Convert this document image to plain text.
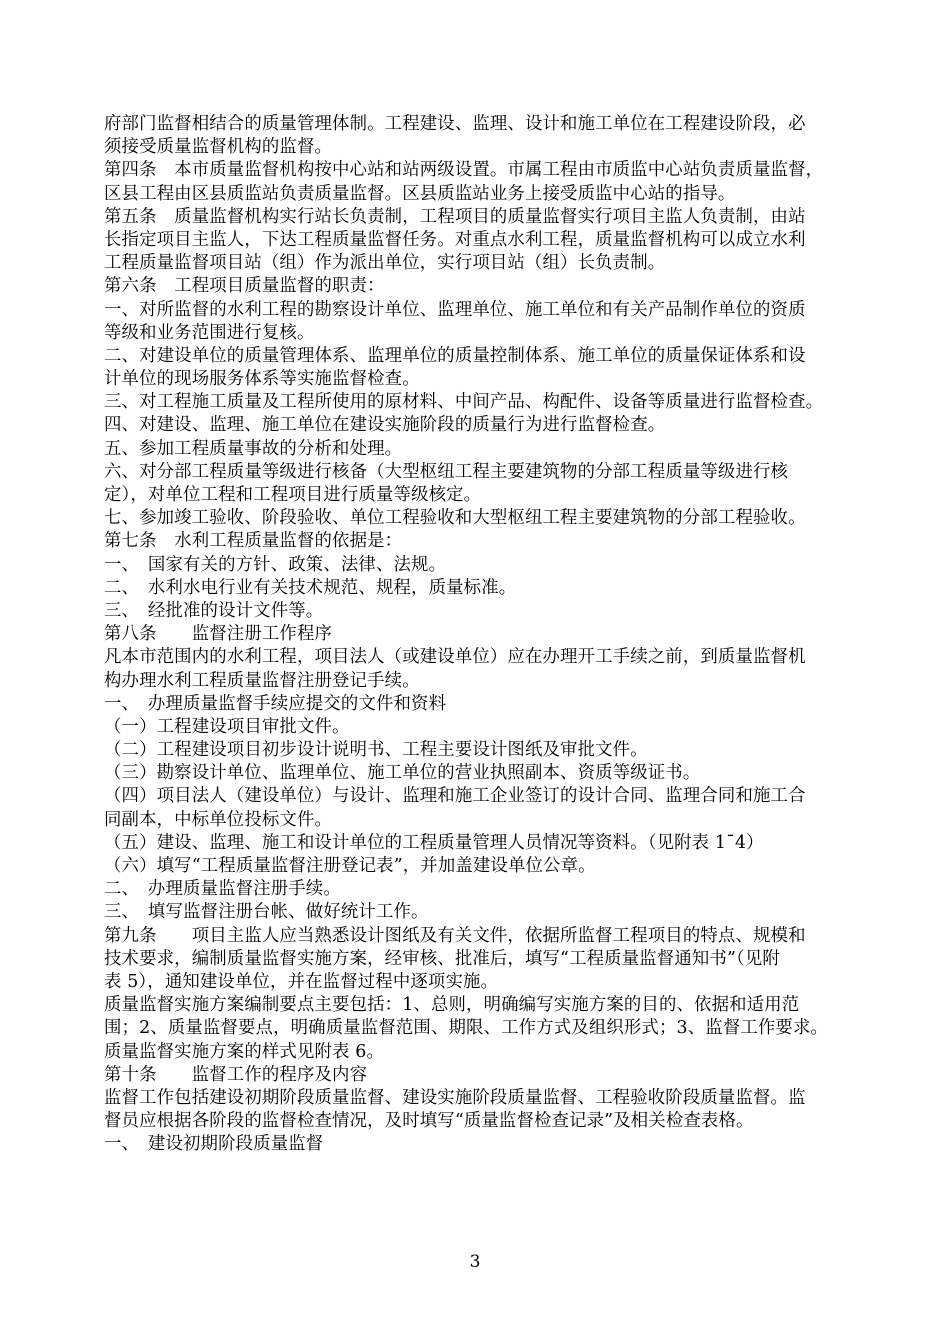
府部门监督相结合的质量管理体制。工程建设、监理、设计和施工单位在工程建设阶段，必
须接受质量监督机构的监督。
第四条　本市质量监督机构按中心站和站两级设置。市属工程由市质监中心站负责质量监督，
区县工程由区县质监站负责质量监督。区县质监站业务上接受质监中心站的指导。
第五条　质量监督机构实行站长负责制，工程项目的质量监督实行项目主监人负责制，由站
长指定项目主监人，下达工程质量监督任务。对重点水利工程，质量监督机构可以成立水利
工程质量监督项目站（组）作为派出单位，实行项目站（组）长负责制。
第六条　工程项目质量监督的职责：
一、对所监督的水利工程的勘察设计单位、监理单位、施工单位和有关产品制作单位的资质
等级和业务范围进行复核。
二、对建设单位的质量管理体系、监理单位的质量控制体系、施工单位的质量保证体系和设
计单位的现场服务体系等实施监督检查。
三、对工程施工质量及工程所使用的原材料、中间产品、构配件、设备等质量进行监督检查。
四、对建设、监理、施工单位在建设实施阶段的质量行为进行监督检查。
五、参加工程质量事故的分析和处理。
六、对分部工程质量等级进行核备（大型枢纽工程主要建筑物的分部工程质量等级进行核
定），对单位工程和工程项目进行质量等级核定。
七、参加竣工验收、阶段验收、单位工程验收和大型枢纽工程主要建筑物的分部工程验收。
第七条　水利工程质量监督的依据是：
一、　国家有关的方针、政策、法律、法规。
二、　水利水电行业有关技术规范、规程，质量标准。
三、　经批准的设计文件等。
第八条　　监督注册工作程序
凡本市范围内的水利工程，项目法人（或建设单位）应在办理开工手续之前，到质量监督机
构办理水利工程质量监督注册登记手续。
一、　办理质量监督手续应提交的文件和资料
（一）工程建设项目审批文件。
（二）工程建设项目初步设计说明书、工程主要设计图纸及审批文件。
（三）勘察设计单位、监理单位、施工单位的营业执照副本、资质等级证书。
（四）项目法人（建设单位）与设计、监理和施工企业签订的设计合同、监理合同和施工合
同副本，中标单位投标文件。
（五）建设、监理、施工和设计单位的工程质量管理人员情况等资料。（见附表 1¯4）
（六）填写“工程质量监督注册登记表”，并加盖建设单位公章。
二、　办理质量监督注册手续。
三、　填写监督注册台帐、做好统计工作。
第九条　　项目主监人应当熟悉设计图纸及有关文件，依据所监督工程项目的特点、规模和
技术要求，编制质量监督实施方案，经审核、批准后，填写“工程质量监督通知书”（见附
表 5），通知建设单位，并在监督过程中逐项实施。
质量监督实施方案编制要点主要包括：1、总则，明确编写实施方案的目的、依据和适用范
围；2、质量监督要点，明确质量监督范围、期限、工作方式及组织形式；3、监督工作要求。
质量监督实施方案的样式见附表 6。
第十条　　监督工作的程序及内容
监督工作包括建设初期阶段质量监督、建设实施阶段质量监督、工程验收阶段质量监督。监
督员应根据各阶段的监督检查情况，及时填写“质量监督检查记录”及相关检查表格。
一、　建设初期阶段质量监督
3
